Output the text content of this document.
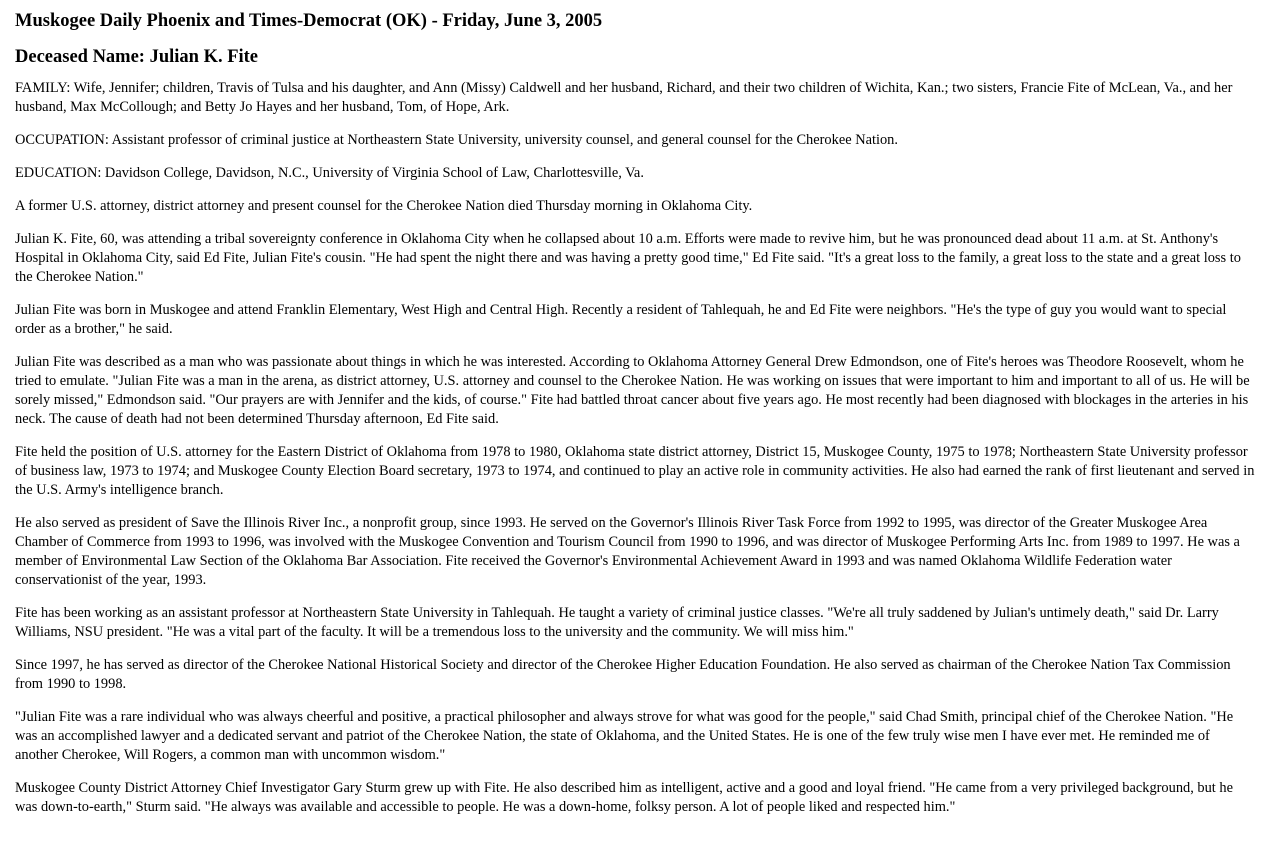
Muskogee Daily Phoenix and Times-Democrat (OK) - Friday, June 3, 2005
Deceased Name: Julian K. Fite

FAMILY: Wife, Jennifer; children, Travis of Tulsa and his daughter, and Ann (Missy) Caldwell and her husband, Richard, and their two children of Wichita, Kan.; two sisters, Francie Fite of McLean, Va., and her husband, Max McCollough; and Betty Jo Hayes and her husband, Tom, of Hope, Ark.

OCCUPATION: Assistant professor of criminal justice at Northeastern State University, university counsel, and general counsel for the Cherokee Nation.

EDUCATION: Davidson College, Davidson, N.C., University of Virginia School of Law, Charlottesville, Va.

A former U.S. attorney, district attorney and present counsel for the Cherokee Nation died Thursday morning in Oklahoma City.

Julian K. Fite, 60, was attending a tribal sovereignty conference in Oklahoma City when he collapsed about 10 a.m. Efforts were made to revive him, but he was pronounced dead about 11 a.m. at St. Anthony's Hospital in Oklahoma City, said Ed Fite, Julian Fite's cousin. "He had spent the night there and was having a pretty good time," Ed Fite said. "It's a great loss to the family, a great loss to the state and a great loss to the Cherokee Nation."

Julian Fite was born in Muskogee and attend Franklin Elementary, West High and Central High. Recently a resident of Tahlequah, he and Ed Fite were neighbors. "He's the type of guy you would want to special order as a brother," he said.

Julian Fite was described as a man who was passionate about things in which he was interested. According to Oklahoma Attorney General Drew Edmondson, one of Fite's heroes was Theodore Roosevelt, whom he tried to emulate. "Julian Fite was a man in the arena, as district attorney, U.S. attorney and counsel to the Cherokee Nation. He was working on issues that were important to him and important to all of us. He will be sorely missed," Edmondson said. "Our prayers are with Jennifer and the kids, of course." Fite had battled throat cancer about five years ago. He most recently had been diagnosed with blockages in the arteries in his neck. The cause of death had not been determined Thursday afternoon, Ed Fite said.

Fite held the position of U.S. attorney for the Eastern District of Oklahoma from 1978 to 1980, Oklahoma state district attorney, District 15, Muskogee County, 1975 to 1978; Northeastern State University professor of business law, 1973 to 1974; and Muskogee County Election Board secretary, 1973 to 1974, and continued to play an active role in community activities. He also had earned the rank of first lieutenant and served in the U.S. Army's intelligence branch.

He also served as president of Save the Illinois River Inc., a nonprofit group, since 1993. He served on the Governor's Illinois River Task Force from 1992 to 1995, was director of the Greater Muskogee Area Chamber of Commerce from 1993 to 1996, was involved with the Muskogee Convention and Tourism Council from 1990 to 1996, and was director of Muskogee Performing Arts Inc. from 1989 to 1997. He was a member of Environmental Law Section of the Oklahoma Bar Association. Fite received the Governor's Environmental Achievement Award in 1993 and was named Oklahoma Wildlife Federation water conservationist of the year, 1993.

Fite has been working as an assistant professor at Northeastern State University in Tahlequah. He taught a variety of criminal justice classes. "We're all truly saddened by Julian's untimely death," said Dr. Larry Williams, NSU president. "He was a vital part of the faculty. It will be a tremendous loss to the university and the community. We will miss him."

Since 1997, he has served as director of the Cherokee National Historical Society and director of the Cherokee Higher Education Foundation. He also served as chairman of the Cherokee Nation Tax Commission from 1990 to 1998.

"Julian Fite was a rare individual who was always cheerful and positive, a practical philosopher and always strove for what was good for the people," said Chad Smith, principal chief of the Cherokee Nation. "He was an accomplished lawyer and a dedicated servant and patriot of the Cherokee Nation, the state of Oklahoma, and the United States. He is one of the few truly wise men I have ever met. He reminded me of another Cherokee, Will Rogers, a common man with uncommon wisdom."

Muskogee County District Attorney Chief Investigator Gary Sturm grew up with Fite. He also described him as intelligent, active and a good and loyal friend. "He came from a very privileged background, but he was down-to-earth," Sturm said. "He always was available and accessible to people. He was a down-home, folksy person. A lot of people liked and respected him."
